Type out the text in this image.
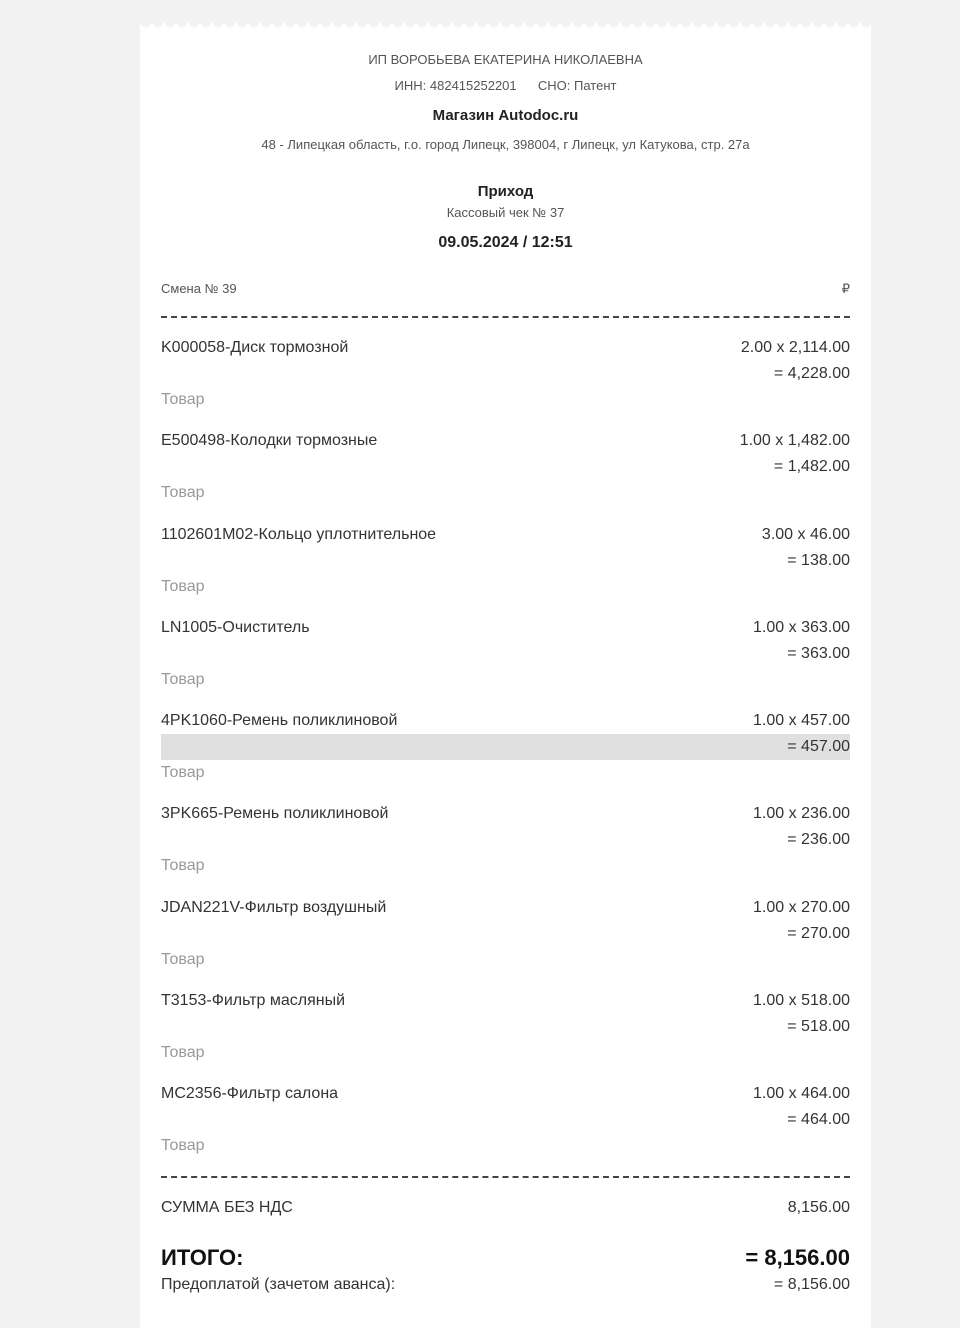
ИП ВОРОБЬЕВА ЕКАТЕРИНА НИКОЛАЕВНА
ИНН: 482415252201 СНО: Патент
Магазин Autodoc.ru
48 - Липецкая область, г.о. город Липецк, 398004, г Липецк, ул Катукова, стр. 27а
Приход
Кассовый чек № 37
09.05.2024 / 12:51
Смена № 39	₽
K000058-Диск тормозной	2.00 x 2,114.00
= 4,228.00
Товар
E500498-Колодки тормозные	1.00 x 1,482.00
= 1,482.00
Товар
1102601M02-Кольцо уплотнительное	3.00 x 46.00
= 138.00
Товар
LN1005-Очиститель	1.00 x 363.00
= 363.00
Товар
4PK1060-Ремень поликлиновой	1.00 x 457.00
= 457.00
Товар
3PK665-Ремень поликлиновой	1.00 x 236.00
= 236.00
Товар
JDAN221V-Фильтр воздушный	1.00 x 270.00
= 270.00
Товар
T3153-Фильтр масляный	1.00 x 518.00
= 518.00
Товар
MC2356-Фильтр салона	1.00 x 464.00
= 464.00
Товар
СУММА БЕЗ НДС	8,156.00
ИТОГО:	= 8,156.00
Предоплатой (зачетом аванса):	= 8,156.00
